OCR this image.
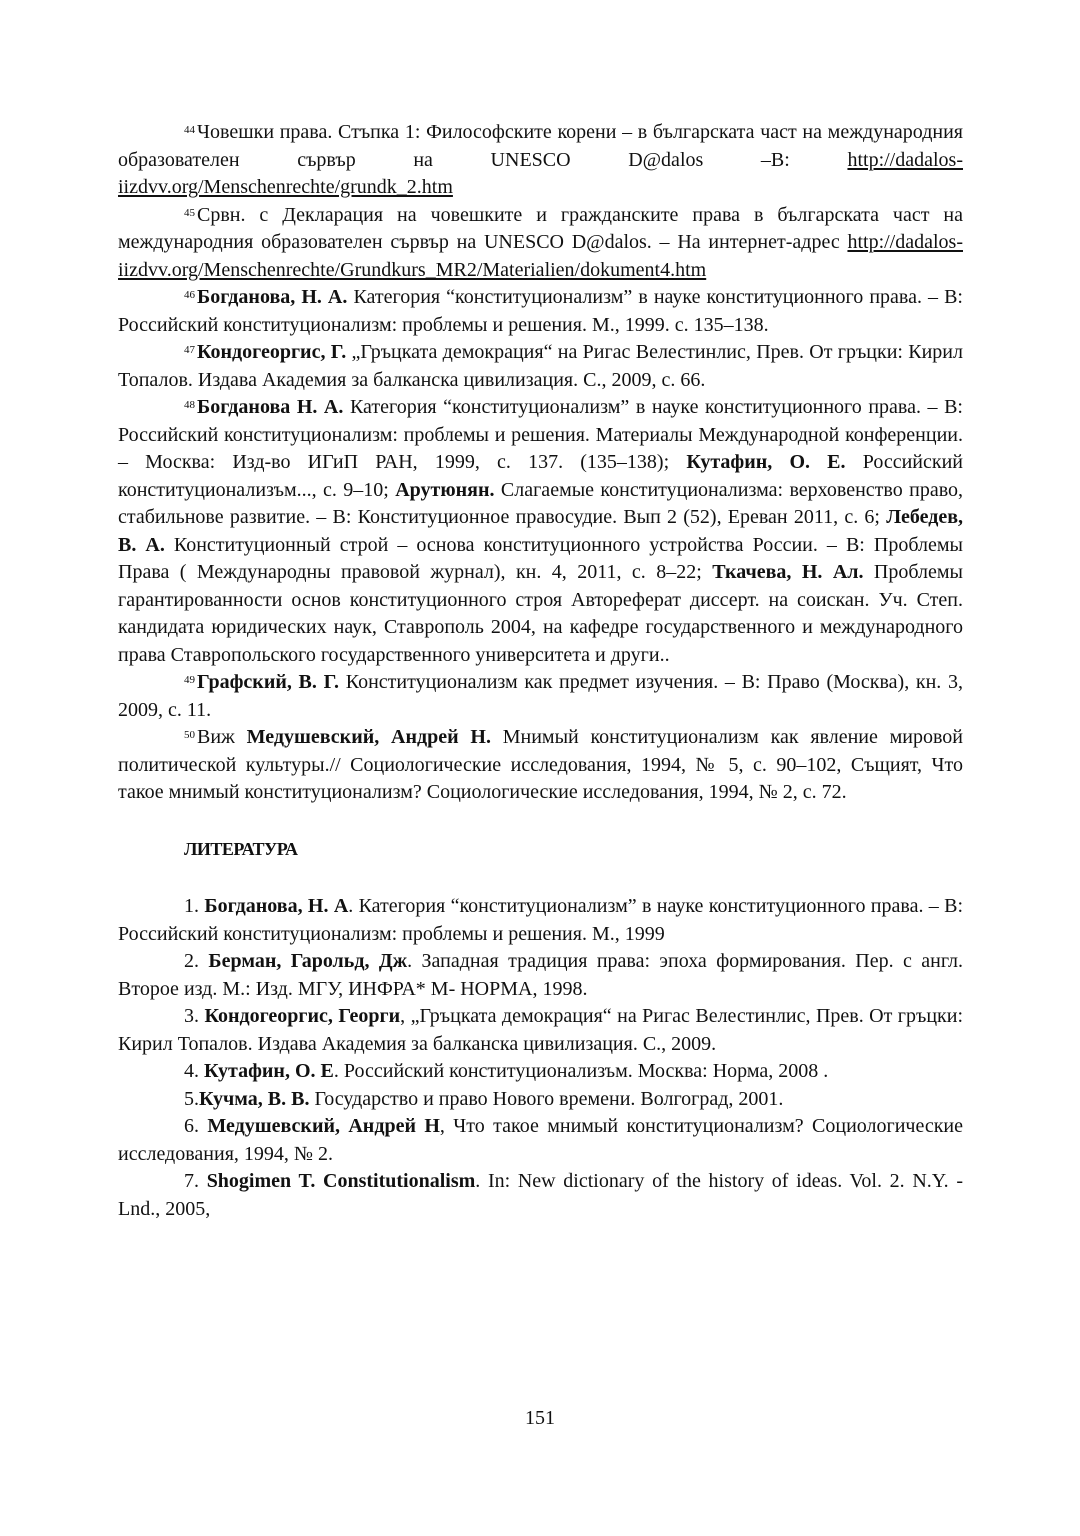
$^{44}$ Човешки права. Стъпка 1: Философските корени – в българската част на международния образователен сървър на UNESCO D@dalos –В: http://dadalos-iizdvv.org/Menschenrechte/grundk_2.htm

$^{45}$ Срвн. с Декларация на човешките и гражданските права в българската част на международния образователен сървър на UNESCO D@dalos. – На интернет-адрес http://dadalos-iizdvv.org/Menschenrechte/Grundkurs_MR2/Materialien/dokument4.htm

$^{46}$ Богданова, Н. А. Категория “конституционализм” в науке конституционного права. – В: Российский конституционализм: проблемы и решения. М., 1999. с. 135–138.

$^{47}$ Кондогеоргис, Г. „Гръцката демокрация“ на Ригас Велестинлис, Прев. От гръцки: Кирил Топалов. Издава Академия за балканска цивилизация. С., 2009, с. 66.

$^{48}$ Богданова Н. А. Категория “конституционализм” в науке конституционного права. – В: Российский конституционализм: проблемы и решения. Материалы Международной конференции. – Москва: Изд-во ИГиП РАН, 1999, с. 137. (135–138); Кутафин, О. Е. Российский конституционализъм..., с. 9–10; Арутюнян. Слагаемые конституционализма: верховенство право, стабильнове развитие. – В: Конституционное правосудие. Вып 2 (52), Ереван 2011, с. 6; Лебедев, В. А. Конституционный строй – основа конституционного устройства России. – В: Проблемы Права ( Международны правовой журнал), кн. 4, 2011, с. 8–22; Ткачева, Н. Ал. Проблемы гарантированности основ конституционного строя Автореферат диссерт. на соискан. Уч. Степ. кандидата юридических наук, Ставрополь 2004, на кафедре государственного и международного права Ставропольского государственного университета и други..

$^{49}$ Графский, В. Г. Конституционализм как предмет изучения. – В: Право (Москва), кн. 3, 2009, с. 11.

$^{50}$ Виж Медушевский, Андрей Н. Мнимый конституционализм как явление мировой политической культуры.// Социологические исследования, 1994, № 5, с. 90–102, Същият, Что такое мнимый конституционализм? Социологические исследования, 1994, № 2, с. 72.

ЛИТЕРАТУРА

1. Богданова, Н. А. Категория “конституционализм” в науке конституционного права. – В: Российский конституционализм: проблемы и решения. М., 1999

2. Берман, Гарольд, Дж. Западная традиция права: эпоха формирования. Пер. с англ. Второе изд. М.: Изд. МГУ, ИНФРА* М- НОРМА, 1998.

3. Кондогеоргис, Георги, „Гръцката демокрация“ на Ригас Велестинлис, Прев. От гръцки: Кирил Топалов. Издава Академия за балканска цивилизация. С., 2009.

4. Кутафин, О. Е. Российский конституционализъм. Москва: Норма, 2008 .

5.Кучма, В. В. Государство и право Нового времени. Волгоград, 2001.

6. Медушевский, Андрей Н, Что такое мнимый конституционализм? Социологические исследования, 1994, № 2.

7. Shogimen T. Constitutionalism. In: New dictionary of the history of ideas. Vol. 2. N.Y. -Lnd., 2005,

151
